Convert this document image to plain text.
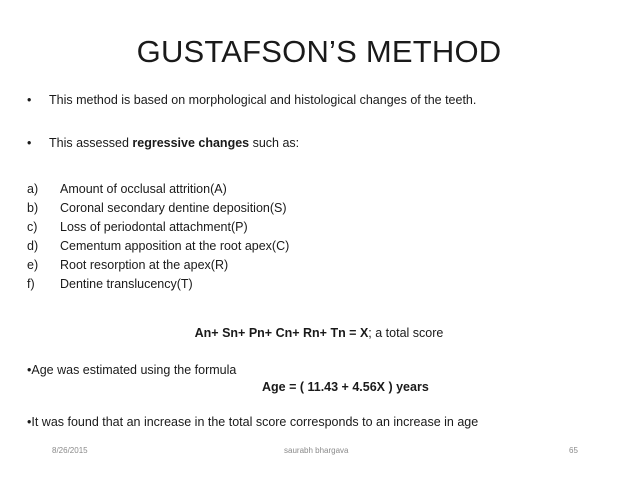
GUSTAFSON’S METHOD
• This method is based on morphological and histological changes of the teeth.
• This assessed regressive changes such as:
a) Amount of occlusal attrition(A)
b) Coronal secondary dentine deposition(S)
c) Loss of periodontal attachment(P)
d) Cementum apposition at the root apex(C)
e) Root resorption at the apex(R)
f) Dentine translucency(T)
An+ Sn+ Pn+ Cn+ Rn+ Tn = X; a total score
•Age was estimated using the formula
Age = ( 11.43 + 4.56X ) years
•It was found that an increase in the total score corresponds to an increase in age
8/26/2015	saurabh bhargava	65
